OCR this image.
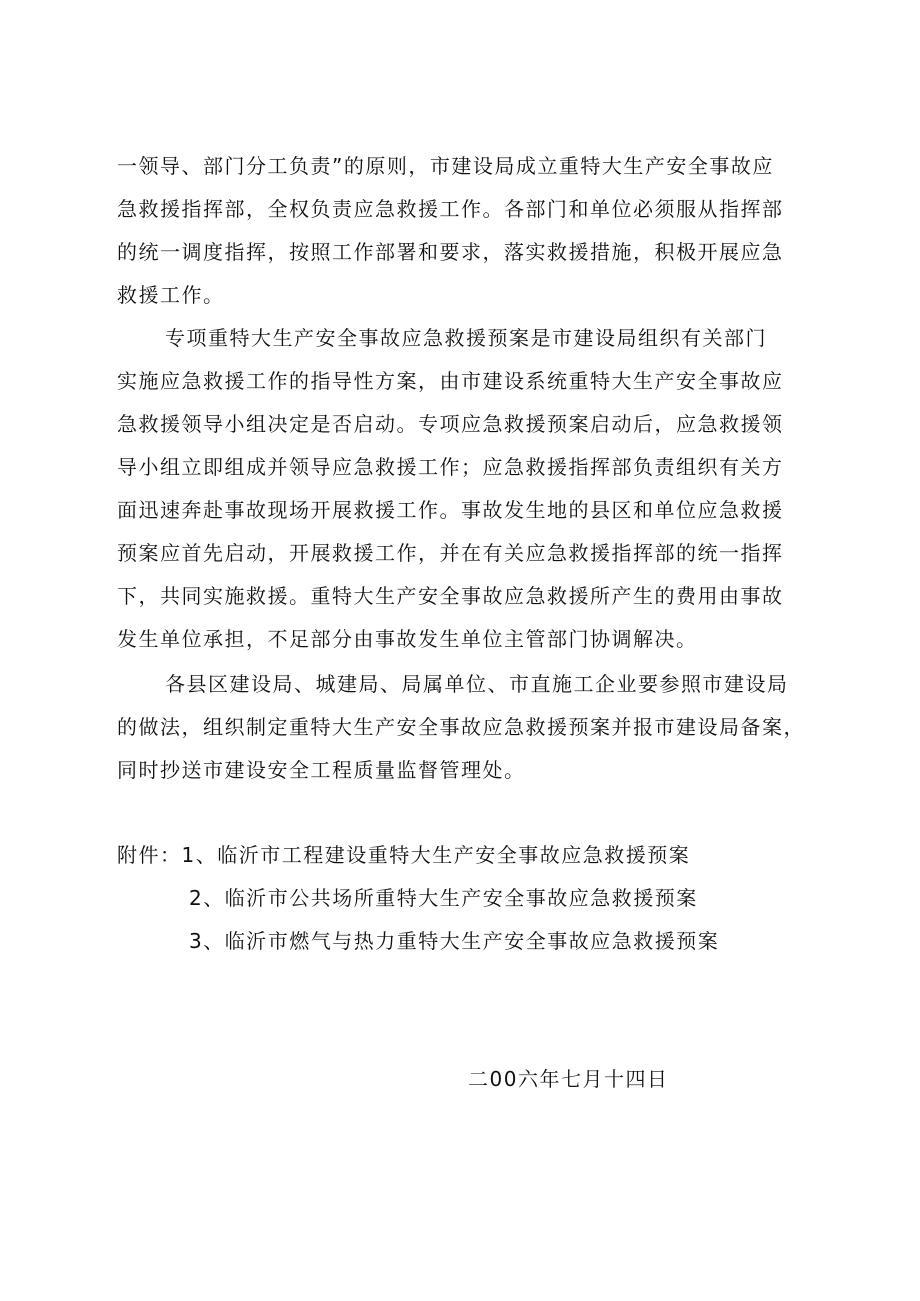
一领导、部门分工负责”的原则，市建设局成立重特大生产安全事故应
急救援指挥部，全权负责应急救援工作。各部门和单位必须服从指挥部
的统一调度指挥，按照工作部署和要求，落实救援措施，积极开展应急
救援工作。
专项重特大生产安全事故应急救援预案是市建设局组织有关部门
实施应急救援工作的指导性方案，由市建设系统重特大生产安全事故应
急救援领导小组决定是否启动。专项应急救援预案启动后，应急救援领
导小组立即组成并领导应急救援工作；应急救援指挥部负责组织有关方
面迅速奔赴事故现场开展救援工作。事故发生地的县区和单位应急救援
预案应首先启动，开展救援工作，并在有关应急救援指挥部的统一指挥
下，共同实施救援。重特大生产安全事故应急救援所产生的费用由事故
发生单位承担，不足部分由事故发生单位主管部门协调解决。
各县区建设局、城建局、局属单位、市直施工企业要参照市建设局
的做法，组织制定重特大生产安全事故应急救援预案并报市建设局备案，
同时抄送市建设安全工程质量监督管理处。
附件：1、临沂市工程建设重特大生产安全事故应急救援预案
2、临沂市公共场所重特大生产安全事故应急救援预案
3、临沂市燃气与热力重特大生产安全事故应急救援预案
二00六年七月十四日
